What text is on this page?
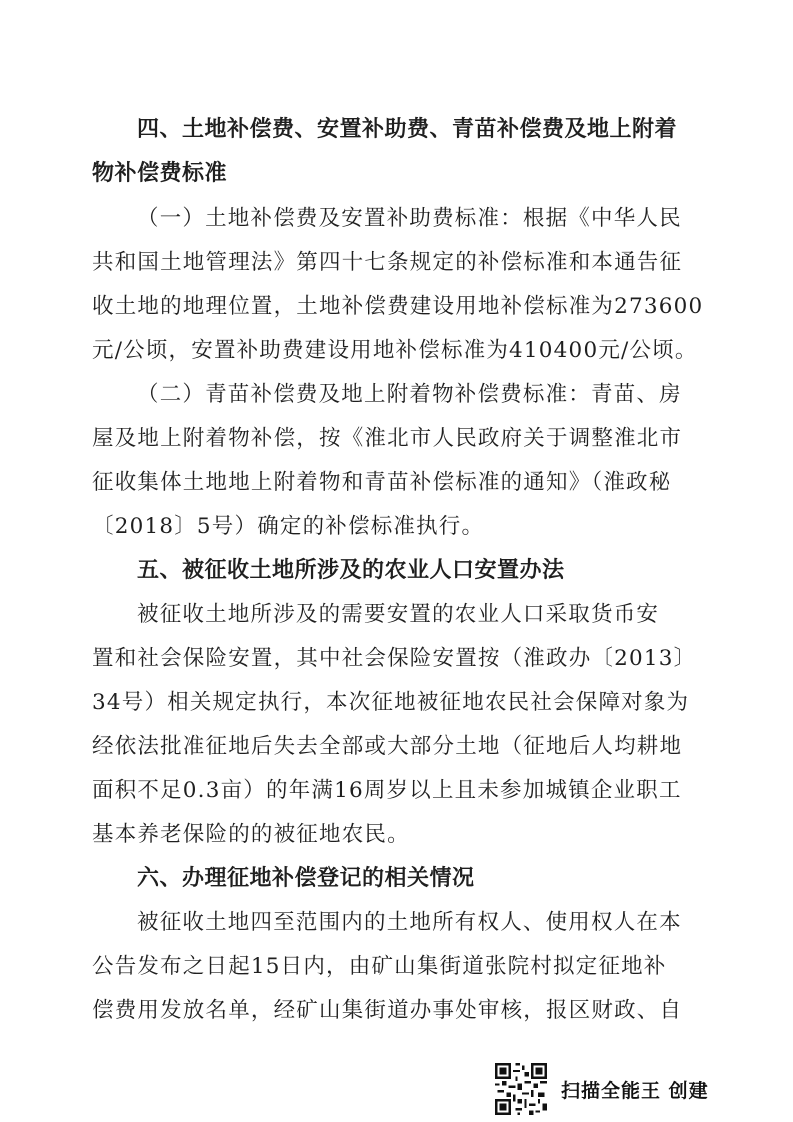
四、土地补偿费、安置补助费、青苗补偿费及地上附着
物补偿费标准
（一）土地补偿费及安置补助费标准：根据《中华人民
共和国土地管理法》第四十七条规定的补偿标准和本通告征
收土地的地理位置，土地补偿费建设用地补偿标准为273600
元/公顷，安置补助费建设用地补偿标准为410400元/公顷。
（二）青苗补偿费及地上附着物补偿费标准：青苗、房
屋及地上附着物补偿，按《淮北市人民政府关于调整淮北市
征收集体土地地上附着物和青苗补偿标准的通知》（淮政秘
〔2018〕5号）确定的补偿标准执行。
五、被征收土地所涉及的农业人口安置办法
被征收土地所涉及的需要安置的农业人口采取货币安
置和社会保险安置，其中社会保险安置按（淮政办〔2013〕
34号）相关规定执行，本次征地被征地农民社会保障对象为
经依法批准征地后失去全部或大部分土地（征地后人均耕地
面积不足0.3亩）的年满16周岁以上且未参加城镇企业职工
基本养老保险的的被征地农民。
六、办理征地补偿登记的相关情况
被征收土地四至范围内的土地所有权人、使用权人在本
公告发布之日起15日内，由矿山集街道张院村拟定征地补
偿费用发放名单，经矿山集街道办事处审核，报区财政、自
扫描全能王 创建
